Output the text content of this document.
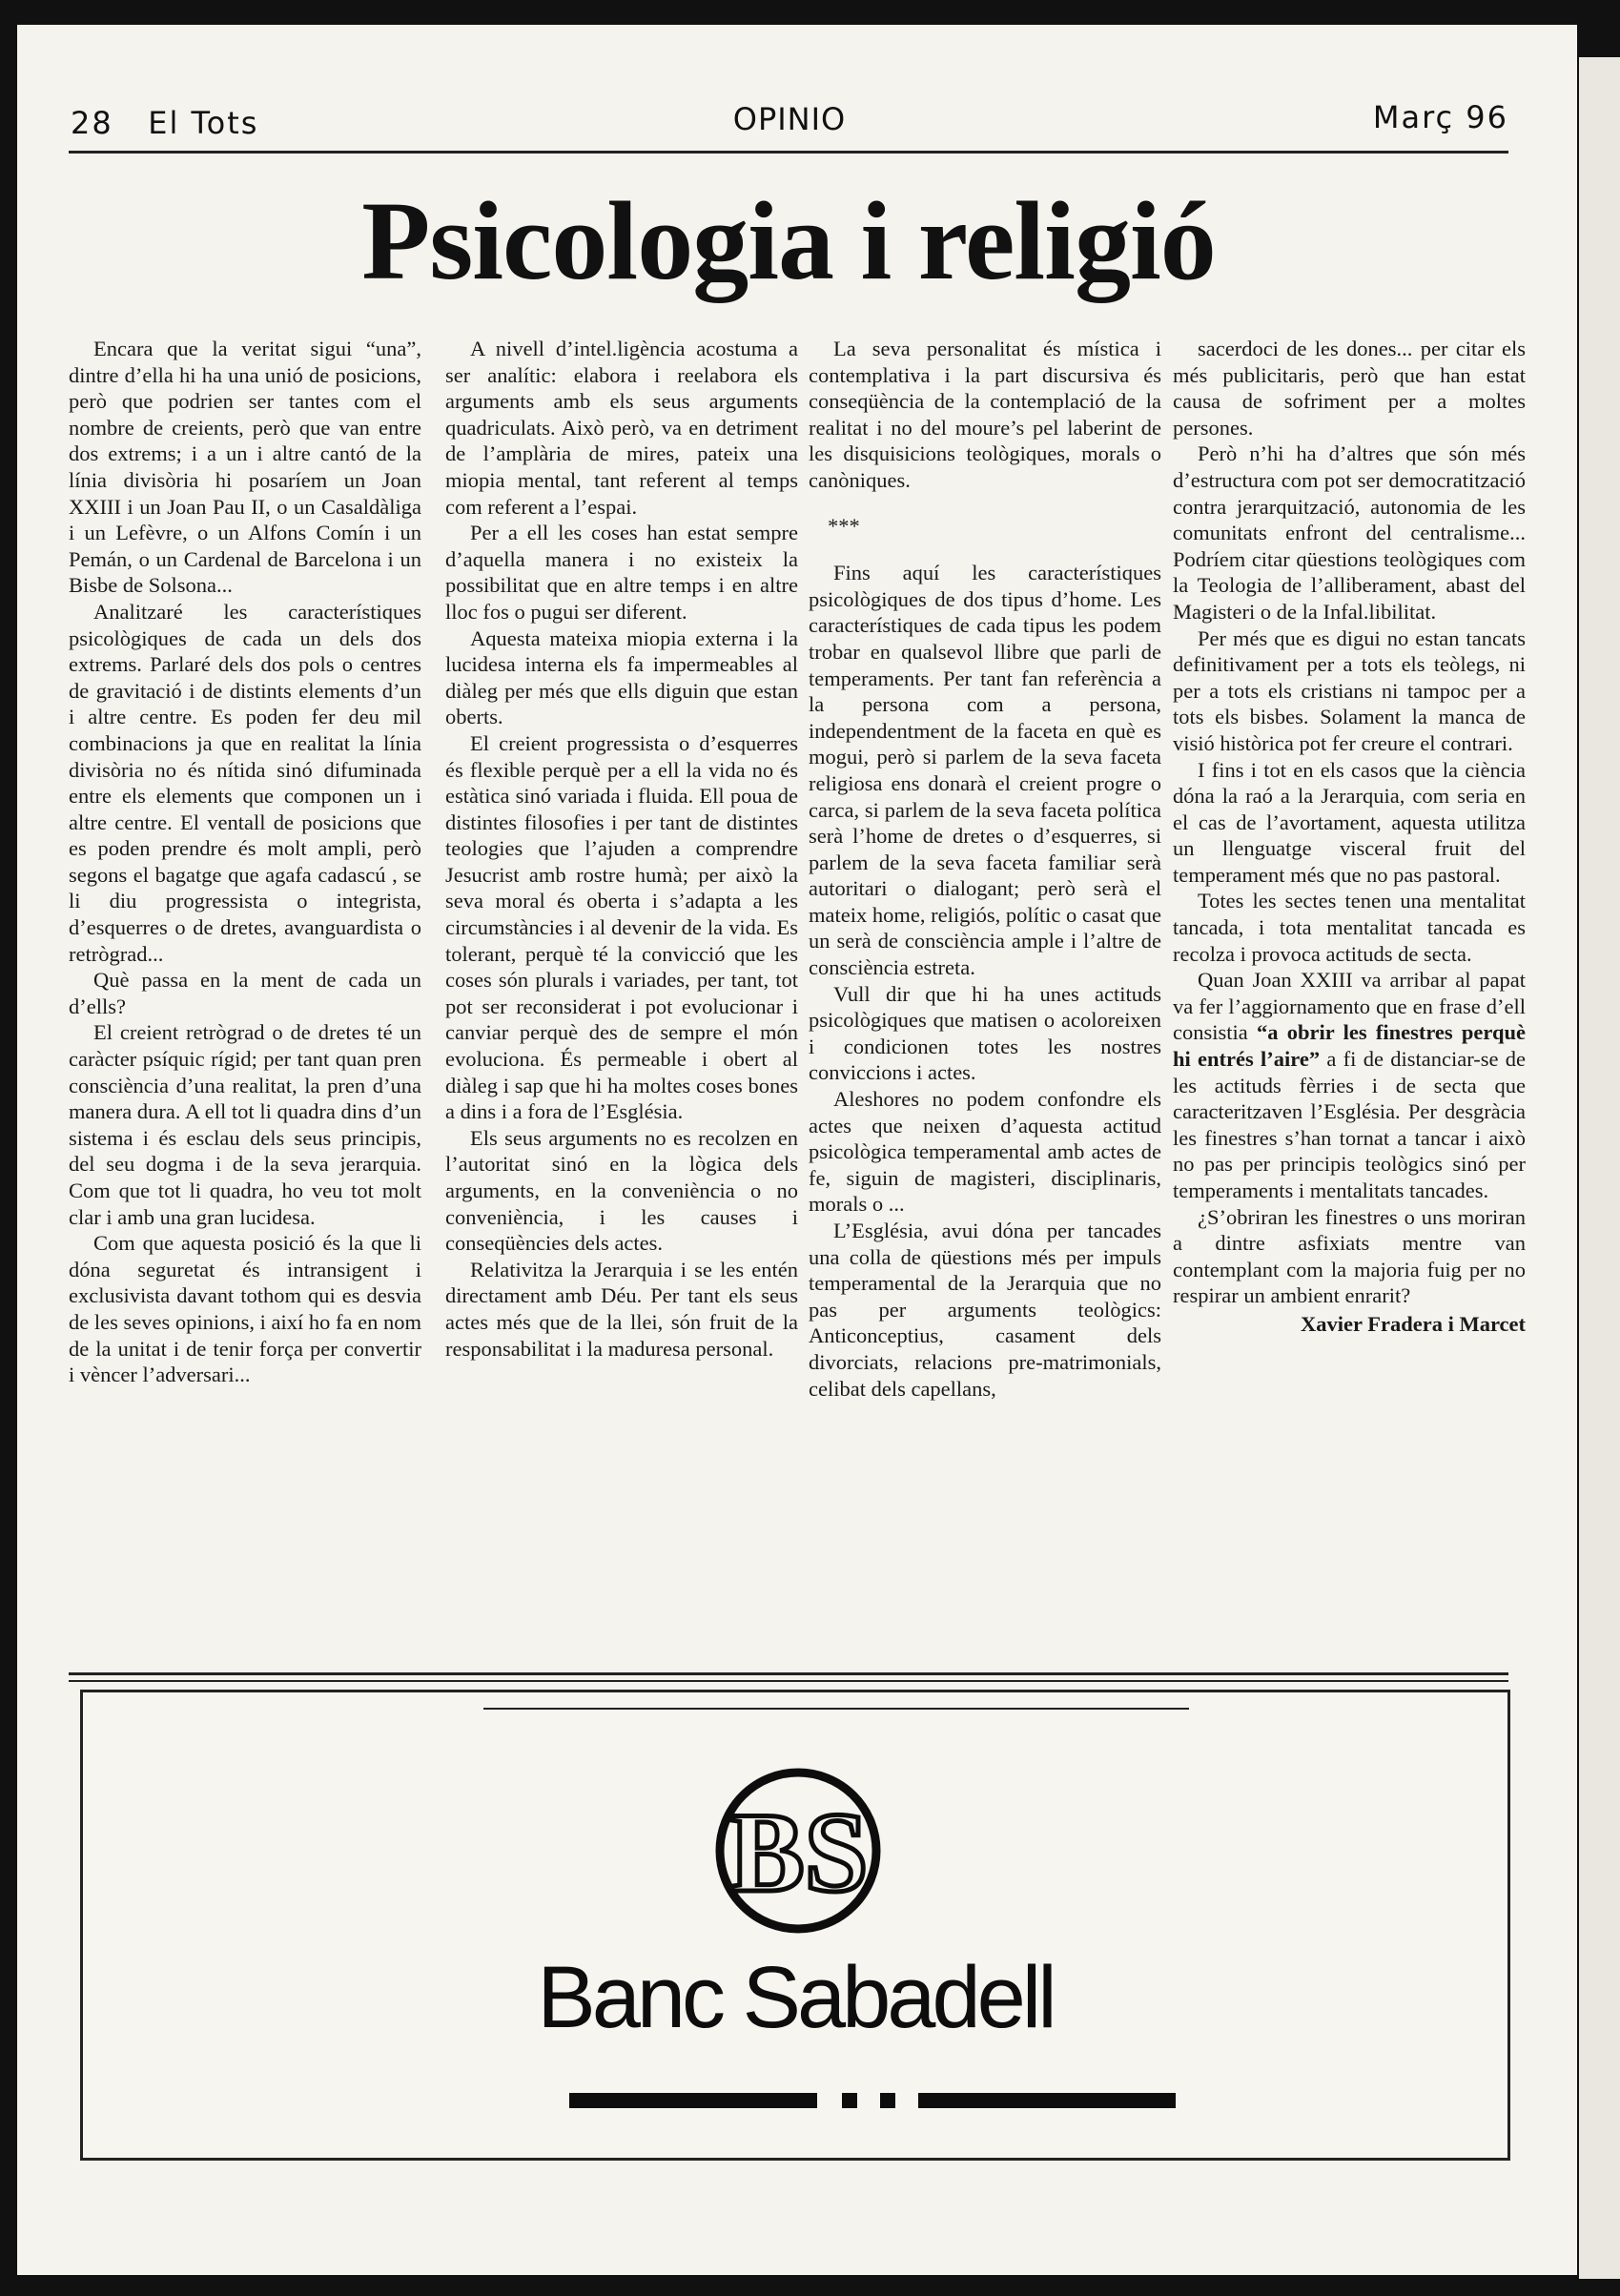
28 El Tots	OPINIO	Març 96
Psicologia i religió

Encara que la veritat sigui “una”, dintre d’ella hi ha una unió de posicions, però que podrien ser tantes com el nombre de creients, però que van entre dos extrems; i a un i altre cantó de la línia divisòria hi posaríem un Joan XXIII i un Joan Pau II, o un Casaldàliga i un Lefèvre, o un Alfons Comín i un Pemán, o un Cardenal de Barcelona i un Bisbe de Solsona...

Analitzaré les característiques psicològiques de cada un dels dos extrems. Parlaré dels dos pols o centres de gravitació i de distints elements d’un i altre centre. Es poden fer deu mil combinacions ja que en realitat la línia divisòria no és nítida sinó difuminada entre els elements que componen un i altre centre. El ventall de posicions que es poden prendre és molt ampli, però segons el bagatge que agafa cadascú , se li diu progressista o integrista, d’esquerres o de dretes, avanguardista o retrògrad...

Què passa en la ment de cada un d’ells?

El creient retrògrad o de dretes té un caràcter psíquic rígid; per tant quan pren consciència d’una realitat, la pren d’una manera dura. A ell tot li quadra dins d’un sistema i és esclau dels seus principis, del seu dogma i de la seva jerarquia. Com que tot li quadra, ho veu tot molt clar i amb una gran lucidesa.

Com que aquesta posició és la que li dóna seguretat és intransigent i exclusivista davant tothom qui es desvia de les seves opinions, i així ho fa en nom de la unitat i de tenir força per convertir i vèncer l’adversari...

A nivell d’intel.ligència acostuma a ser analític: elabora i reelabora els arguments amb els seus arguments quadriculats. Això però, va en detriment de l’amplària de mires, pateix una miopia mental, tant referent al temps com referent a l’espai.

Per a ell les coses han estat sempre d’aquella manera i no existeix la possibilitat que en altre temps i en altre lloc fos o pugui ser diferent.

Aquesta mateixa miopia externa i la lucidesa interna els fa impermeables al diàleg per més que ells diguin que estan oberts.

El creient progressista o d’esquerres és flexible perquè per a ell la vida no és estàtica sinó variada i fluida. Ell poua de distintes filosofies i per tant de distintes teologies que l’ajuden a comprendre Jesucrist amb rostre humà; per això la seva moral és oberta i s’adapta a les circumstàncies i al devenir de la vida. Es tolerant, perquè té la convicció que les coses són plurals i variades, per tant, tot pot ser reconsiderat i pot evolucionar i canviar perquè des de sempre el món evoluciona. És permeable i obert al diàleg i sap que hi ha moltes coses bones a dins i a fora de l’Església.

Els seus arguments no es recolzen en l’autoritat sinó en la lògica dels arguments, en la conveniència o no conveniència, i les causes i conseqüències dels actes.

Relativitza la Jerarquia i se les entén directament amb Déu. Per tant els seus actes més que de la llei, són fruit de la responsabilitat i la maduresa personal.

La seva personalitat és mística i contemplativa i la part discursiva és conseqüència de la contemplació de la realitat i no del moure’s pel laberint de les disquisicions teològiques, morals o canòniques.

***

Fins aquí les característiques psicològiques de dos tipus d’home. Les característiques de cada tipus les podem trobar en qualsevol llibre que parli de temperaments. Per tant fan referència a la persona com a persona, independentment de la faceta en què es mogui, però si parlem de la seva faceta religiosa ens donarà el creient progre o carca, si parlem de la seva faceta política serà l’home de dretes o d’esquerres, si parlem de la seva faceta familiar serà autoritari o dialogant; però serà el mateix home, religiós, polític o casat que un serà de consciència ample i l’altre de consciència estreta.

Vull dir que hi ha unes actituds psicològiques que matisen o acoloreixen i condicionen totes les nostres conviccions i actes.

Aleshores no podem confondre els actes que neixen d’aquesta actitud psicològica temperamental amb actes de fe, siguin de magisteri, disciplinaris, morals o ...

L’Església, avui dóna per tancades una colla de qüestions més per impuls temperamental de la Jerarquia que no pas per arguments teològics: Anticonceptius, casament dels divorciats, relacions pre-matrimonials, celibat dels capellans,

sacerdoci de les dones... per citar els més publicitaris, però que han estat causa de sofriment per a moltes persones.

Però n’hi ha d’altres que són més d’estructura com pot ser democratització contra jerarquització, autonomia de les comunitats enfront del centralisme... Podríem citar qüestions teològiques com la Teologia de l’alliberament, abast del Magisteri o de la Infal.libilitat.

Per més que es digui no estan tancats definitivament per a tots els teòlegs, ni per a tots els cristians ni tampoc per a tots els bisbes. Solament la manca de visió històrica pot fer creure el contrari.

I fins i tot en els casos que la ciència dóna la raó a la Jerarquia, com seria en el cas de l’avortament, aquesta utilitza un llenguatge visceral fruit del temperament més que no pas pastoral.

Totes les sectes tenen una mentalitat tancada, i tota mentalitat tancada es recolza i provoca actituds de secta.

Quan Joan XXIII va arribar al papat va fer l’aggiornamento que en frase d’ell consistia “a obrir les finestres perquè hi entrés l’aire” a fi de distanciar-se de les actituds fèrries i de secta que caracteritzaven l’Església. Per desgràcia les finestres s’han tornat a tancar i això no pas per principis teològics sinó per temperaments i mentalitats tancades.

¿S’obriran les finestres o uns moriran a dintre asfixiats mentre van contemplant com la majoria fuig per no respirar un ambient enrarit?

Xavier Fradera i Marcet

BS
Banc Sabadell
